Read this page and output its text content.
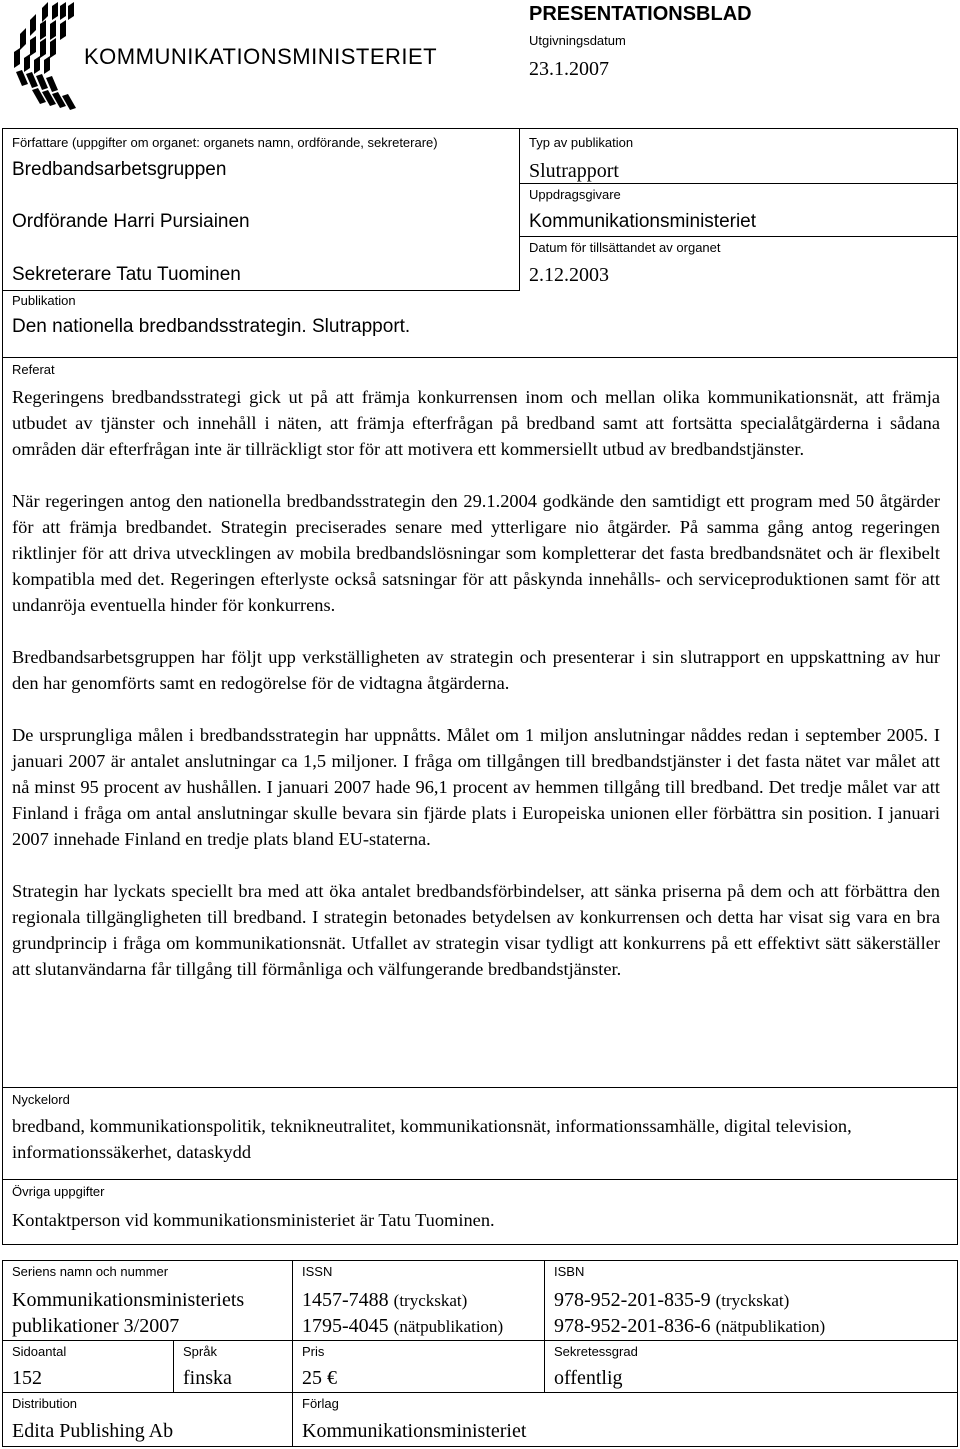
KOMMUNIKATIONSMINISTERIET
PRESENTATIONSBLAD
Utgivningsdatum
23.1.2007
Författare (uppgifter om organet: organets namn, ordförande, sekreterare)
Bredbandsarbetsgruppen
Ordförande Harri Pursiainen
Sekreterare Tatu Tuominen
Publikation
Den nationella bredbandsstrategin. Slutrapport.
Typ av publikation
Slutrapport
Uppdragsgivare
Kommunikationsministeriet
Datum för tillsättandet av organet
2.12.2003
Referat

Regeringens bredbandsstrategi gick ut på att främja konkurrensen inom och mellan olika kommunikationsnät, att främja utbudet av tjänster och innehåll i näten, att främja efterfrågan på bredband samt att fortsätta specialåtgärderna i sådana områden där efterfrågan inte är tillräckligt stor för att motivera ett kommersiellt utbud av bredbandstjänster.

När regeringen antog den nationella bredbandsstrategin den 29.1.2004 godkände den samtidigt ett program med 50 åtgärder för att främja bredbandet. Strategin preciserades senare med ytterligare nio åtgärder. På samma gång antog regeringen riktlinjer för att driva utvecklingen av mobila bredbandslösningar som kompletterar det fasta bredbandsnätet och är flexibelt kompatibla med det. Regeringen efterlyste också satsningar för att påskynda innehålls- och serviceproduktionen samt för att undanröja eventuella hinder för konkurrens.

Bredbandsarbetsgruppen har följt upp verkställigheten av strategin och presenterar i sin slutrapport en uppskattning av hur den har genomförts samt en redogörelse för de vidtagna åtgärderna.

De ursprungliga målen i bredbandsstrategin har uppnåtts. Målet om 1 miljon anslutningar nåddes redan i september 2005. I januari 2007 är antalet anslutningar ca 1,5 miljoner. I fråga om tillgången till bredbandstjänster i det fasta nätet var målet att nå minst 95 procent av hushållen. I januari 2007 hade 96,1 procent av hemmen tillgång till bredband. Det tredje målet var att Finland i fråga om antal anslutningar skulle bevara sin fjärde plats i Europeiska unionen eller förbättra sin position. I januari 2007 innehade Finland en tredje plats bland EU-staterna.

Strategin har lyckats speciellt bra med att öka antalet bredbandsförbindelser, att sänka priserna på dem och att förbättra den regionala tillgängligheten till bredband. I strategin betonades betydelsen av konkurrensen och detta har visat sig vara en bra grundprincip i fråga om kommunikationsnät. Utfallet av strategin visar tydligt att konkurrens på ett effektivt sätt säkerställer att slutanvändarna får tillgång till förmånliga och välfungerande bredbandstjänster.

Nyckelord
bredband, kommunikationspolitik, teknikneutralitet, kommunikationsnät, informationssamhälle, digital television, informationssäkerhet, dataskydd
Övriga uppgifter
Kontaktperson vid kommunikationsministeriet är Tatu Tuominen.
Seriens namn och nummer
Kommunikationsministeriets publikationer 3/2007
ISSN
1457-7488 (tryckskat)
1795-4045 (nätpublikation)
ISBN
978-952-201-835-9 (tryckskat)
978-952-201-836-6 (nätpublikation)
Sidoantal
152
Språk
finska
Pris
25 €
Sekretessgrad
offentlig
Distribution
Edita Publishing Ab
Förlag
Kommunikationsministeriet
